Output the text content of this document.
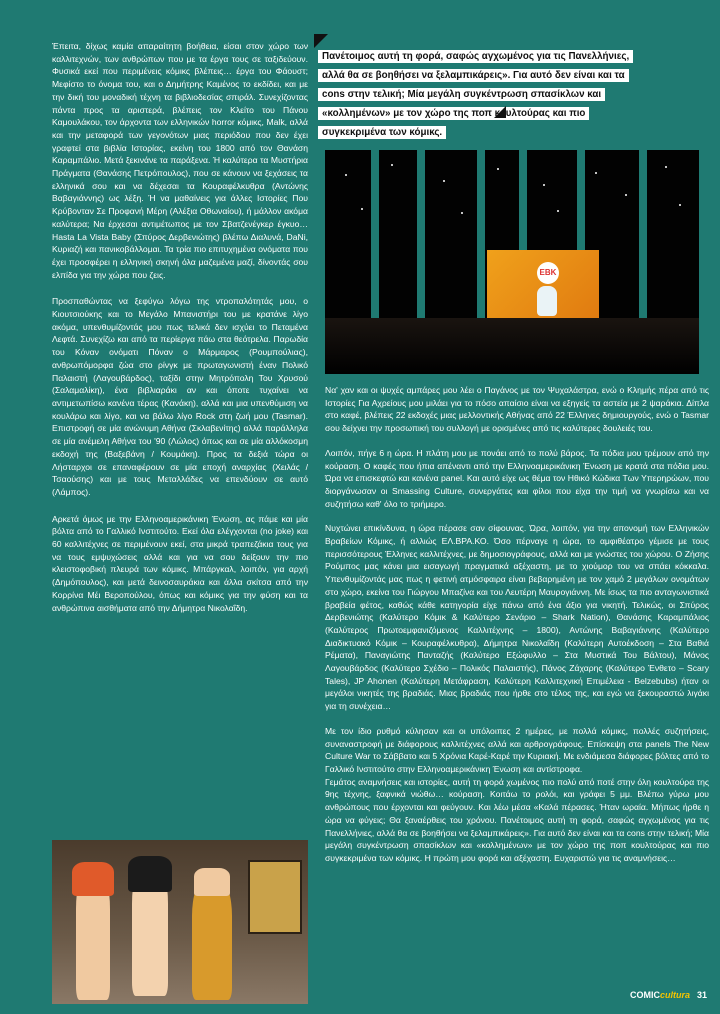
Έπειτα, δίχως καμία απαραίτητη βοήθεια, είσαι στον χώρο των καλλιτεχνών, των ανθρώπων που με τα έργα τους σε ταξιδεύουν. Φυσικά εκεί που περιμένεις κόμικς βλέπεις… έργα του Φάουστ; Μεφίστο το όνομα του, και ο Δημήτρης Καμένος το εκδίδει, και με την δική του μοναδική τέχνη τα βιβλιοδεσίας σπιράλ. Συνεχίζοντας πάντα προς τα αριστερά, βλέπεις τον Κλείτο του Πάνου Καμουλάκου, τον άρχοντα των ελληνικών horror κόμικς, Malk, αλλά και την μεταφορά των γεγονότων μιας περιόδου που δεν έχει γραφτεί στα βιβλία Ιστορίας, εκείνη του 1800 από τον Θανάση Καραμπάλιο. Μετά ξεκινάνε τα παράξενα. Ή καλύτερα τα Μυστήρια Πράγματα (Θανάσης Πετρόπουλος), που σε κάνουν να ξεχάσεις τα ελληνικά σου και να δέχεσαι τα Κουραφέλκυθρα (Αντώνης Βαβαγιάννης) ως λέξη. Ή να μαθαίνεις για άλλες Ιστορίες Που Κρύβονταν Σε Προφανή Μέρη (Αλέξια Οθωναίου), ή μάλλον ακόμα καλύτερα; Να έρχεσαι αντιμέτωπος με τον Σβατζενέγκερ έγκυο… Hasta La Vista Baby (Σπύρος Δερβενιώτης) βλέπω Διαλυνά, DaNi, Κυριαζή και πανικοβάλλομαι. Τα τρία πιο επιτυχημένα ονόματα που έχει προσφέρει η ελληνική σκηνή όλα μαζεμένα μαζί, δίνοντάς σου ελπίδα για την χώρα που ζεις.

Προσπαθώντας να ξεφύγω λόγω της ντροπαλότητάς μου, ο Κιουτσιούκης και το Μεγάλο Μπανιστήρι του με κρατάνε λίγο ακόμα, υπενθυμίζοντάς μου πως τελικά δεν ισχύει το Πεταμένα Λεφτά. Συνεχίζω και από τα περίεργα πάω στα θεότρελα. Παρωδία του Κόναν ονόματι Πόναν ο Μάρμαρος (Ρουμπούλιας), ανθρωπόμορφα ζώα στο ρίνγκ με πρωταγωνιστή έναν Πολικό Παλαιστή (Λαγουβάρδος), ταξίδι στην Μητρόπολη Του Χρυσού (Σαλαμαλίκη), ένα βιβλιαράκι αν και όποτε τυχαίνει να αντιμετωπίσω κανένα τέρας (Κανάκη), αλλά και μια υπενθύμιση να κουλάρω και λίγο, και να βάλω λίγο Rock στη ζωή μου (Tasmar). Επιστροφή σε μία ανώνυμη Αθήνα (Σκλαβενίτης) αλλά παράλληλα σε μία ανέμελη Αθήνα του '90 (Λώλος) όπως και σε μία αλλόκοσμη εκδοχή της (Βαξεβάνη / Κουμάκη). Προς τα δεξιά τώρα οι Λήσταρχοι σε επαναφέρουν σε μία εποχή αναρχίας (Χειλάς / Τσαούσης) και με τους Μεταλλάδες να επενδύουν σε αυτό (Λάμπος).

Αρκετά όμως με την Ελληνοαμερικάνικη Ένωση, ας πάμε και μία βόλτα από το Γαλλικό Ινστιτούτο. Εκεί όλα ελέγχονται (no joke) και 60 καλλιτέχνες σε περιμένουν εκεί, στα μικρά τραπεζάκια τους για να τους εμψυχώσεις αλλά και για να σου δείξουν την πιο κλειστοφοβική πλευρά των κόμικς. Μπάργκαλ, λοιπόν, για αρχή (Δημόπουλος), και μετά δεινοσαυράκια και άλλα σκίτσα από την Κορρίνα Μέι Βεροπούλου, όπως και κόμικς για την φύση και τα ανθρώπινα αισθήματα από την Δήμητρα Νικολαΐδη.

Πανέτοιμος αυτή τη φορά, σαφώς αγχωμένος για τις Πανελλήνιες,
αλλά θα σε βοηθήσει να ξελαμπικάρεις». Για αυτό δεν είναι και τα
cons στην τελική; Μία μεγάλη συγκέντρωση σπασίκλων και
«κολλημένων» με τον χώρο της ποπ κουλτούρας και πιο
συγκεκριμένα των κόμικς.
EBK

Να' χαν και οι ψυχές αμπάρες μου λέει ο Παγάνος με τον Ψυχαλάστρα, ενώ ο Κλημής πέρα από τις Ιστορίες Για Αχρείους μου μιλάει για το πόσο απαίσιο είναι να εξηγείς τα αστεία με 2 ψαράκια. Δίπλα στο καφέ, βλέπεις 22 εκδοχές μιας μελλοντικής Αθήνας από 22 Έλληνες δημιουργούς, ενώ ο Tasmar σου δείχνει την προσωπική του συλλογή με ορισμένες από τις καλύτερες δουλειές του.

Λοιπόν, πήγε 6 η ώρα. Η πλάτη μου με πονάει από το πολύ βάρος. Τα πόδια μου τρέμουν από την κούραση. Ο καφές που ήπια απέναντι από την Ελληνοαμερικάνικη Ένωση με κρατά στα πόδια μου. Ώρα να επισκεφτώ και κανένα panel. Και αυτό είχε ως θέμα τον Ηθικό Κώδικα Των Υπερηρώων, που διοργάνωσαν οι Smassing Culture, συνεργάτες και φίλοι που είχα την τιμή να γνωρίσω και να συζητήσω καθ' όλο το τριήμερο.

Νυχτώνει επικίνδυνα, η ώρα πέρασε σαν σίφουνας. Ώρα, λοιπόν, για την απονομή των Ελληνικών Βραβείων Κόμικς, ή αλλιώς ΕΛ.ΒΡΑ.ΚΟ. Όσο πέρναγε η ώρα, το αμφιθέατρο γέμισε με τους περισσότερους Έλληνες καλλιτέχνες, με δημοσιογράφους, αλλά και με γνώστες του χώρου. Ο Ζήσης Ρούμπος μας κάνει μια εισαγωγή πραγματικά αξέχαστη, με το χιούμορ του να σπάει κόκκαλα. Υπενθυμίζοντάς μας πως η φετινή ατμόσφαιρα είναι βεβαρημένη με τον χαμό 2 μεγάλων ονομάτων στο χώρο, εκείνα του Γιώργου Μπαζίνα και του Λευτέρη Μαυρογιάννη. Με ίσως τα πιο ανταγωνιστικά βραβεία φέτος, καθώς κάθε κατηγορία είχε πάνω από ένα άξιο για νικητή. Τελικώς, οι Σπύρος Δερβενιώτης (Καλύτερο Κόμικ & Καλύτερο Σενάριο – Shark Nation), Θανάσης Καραμπάλιος (Καλύτερος Πρωτοεμφανιζόμενος Καλλιτέχνης – 1800), Αντώνης Βαβαγιάννης (Καλύτερο Διαδικτυακό Κόμικ – Κουραφέλκυθρα), Δήμητρα Νικολαΐδη (Καλύτερη Αυτοέκδοση – Στα Βαθιά Ρέματα), Παναγιώτης Πανταζής (Καλύτερο Εξώφυλλο – Στα Μυστικά Του Βάλτου), Μάνος Λαγουβάρδος (Καλύτερο Σχέδιο – Πολικός Παλαιστής), Πάνος Ζάχαρης (Καλύτερο Ένθετο – Scary Tales), JP Ahonen (Καλύτερη Μετάφραση, Καλύτερη Καλλιτεχνική Επιμέλεια - Belzebubs) ήταν οι μεγάλοι νικητές της βραδιάς. Μιας βραδιάς που ήρθε στο τέλος της, και εγώ να ξεκουραστώ λιγάκι για τη συνέχεια…

Με τον ίδιο ρυθμό κύλησαν και οι υπόλοιπες 2 ημέρες, με πολλά κόμικς, πολλές συζητήσεις, συναναστροφή με διάφορους καλλιτέχνες αλλά και αρθρογράφους. Επίσκεψη στα panels The New Culture War το Σάββατο και 5 Χρόνια Καρέ-Καρέ την Κυριακή. Με ενδιάμεσα διάφορες βόλτες από το Γαλλικό Ινστιτούτο στην Ελληνοαμερικάνικη Ένωση και αντίστροφα.

Γεμάτος αναμνήσεις και ιστορίες, αυτή τη φορά χωμένος πιο πολύ από ποτέ στην όλη κουλτούρα της 9ης τέχνης, ξαφνικά νιώθω… κούραση. Κοιτάω το ρολόι, και γράφει 5 μμ. Βλέπω γύρω μου ανθρώπους που έρχονται και φεύγουν. Και λέω μέσα «Καλά πέρασες. Ήταν ωραία. Μήπως ήρθε η ώρα να φύγεις; Θα ξαναέρθεις του χρόνου. Πανέτοιμος αυτή τη φορά, σαφώς αγχωμένος για τις Πανελλήνιες, αλλά θα σε βοηθήσει να ξελαμπικάρεις». Για αυτό δεν είναι και τα cons στην τελική; Μία μεγάλη συγκέντρωση σπασίκλων και «κολλημένων» με τον χώρο της ποπ κουλτούρας και πιο συγκεκριμένα των κόμικς. Η πρώτη μου φορά και αξέχαστη. Ευχαριστώ για τις αναμνήσεις…

COMICcultura 31
